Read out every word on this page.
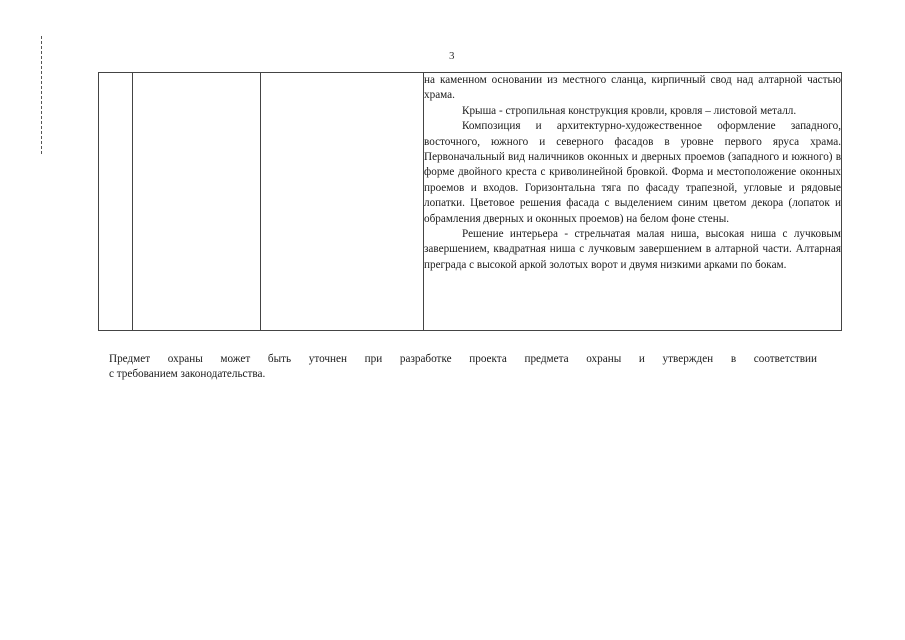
3

на каменном основании из местного сланца, кирпичный свод над алтарной частью храма.

Крыша - стропильная конструкция кровли, кровля – листовой металл.

Композиция и архитектурно-художественное оформление западного, восточного, южного и северного фасадов в уровне первого яруса храма. Первоначальный вид наличников оконных и дверных проемов (западного и южного) в форме двойного креста с криволинейной бровкой. Форма и местоположение оконных проемов и входов. Горизонтальна тяга по фасаду трапезной, угловые и рядовые лопатки. Цветовое решения фасада с выделением синим цветом декора (лопаток и обрамления дверных и оконных проемов) на белом фоне стены.

Решение интерьера - стрельчатая малая ниша, высокая ниша с лучковым завершением, квадратная ниша с лучковым завершением в алтарной части. Алтарная преграда с высокой аркой золотых ворот и двумя низкими арками по бокам.

Предмет охраны может быть уточнен при разработке проекта предмета охраны и утвержден в соответствии
с требованием законодательства.
